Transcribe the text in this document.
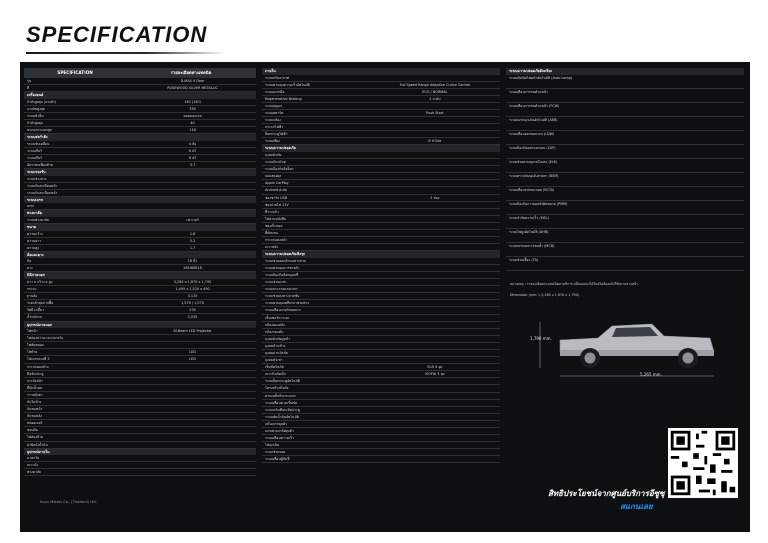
SPECIFICATION
SPECIFICATION	รายละเอียดทางเทคนิค
รุ่น	D-MAX 4 Door
สี	ROSEWOOD SILVER METALLIC
เครื่องยนต์
กำลังสูงสุด (แรงม้า)	140 (150)
แรงบิดสูงสุด	350
ระบบหัวฉีด	คอมมอนเรล
กำลังสูงสุด	40
ขนาดกระบอกสูบ	118
ระบบส่งกำลัง
ระบบขับเคลื่อน	4 ล้อ
ระบบเกียร์	6 AT
ระบบเกียร์	6 AT
อัตราทดเฟืองท้าย	3.7
ระบบรองรับ
ระบบช่วงล่าง
ระบบกันสะเทือนหน้า
ระบบกันสะเทือนหลัง
ระบบเบรก
เบรก
พวงมาลัย
ระบบพวงมาลัย	เพาเวอร์
ขนาด
ความกว้าง	1.8
ความยาว	5.2
ความสูง	1.7
ล้อและยาง
ล้อ	18 นิ้ว
ยาง	265/60R18
มิติภายนอก
ยาว x กว้าง x สูง	5,265 x 1,870 x 1,790
กระบะ	1,495 x 1,530 x 490
ฐานล้อ	3,125
ระยะต่ำสุดจากพื้น	1,570 / 1,570
รัศมีวงเลี้ยว	235
น้ำหนักรถ	2,035
อุปกรณ์ภายนอก
ไฟหน้า	Bi-Beam LED Projector
ไฟส่องสว่างเวลากลางวัน
ไฟตัดหมอก
ไฟท้าย	LED
ไฟเบรกดวงที่ 3	LED
กระจกมองข้าง
มือจับประตู
กระจังหน้า
ที่ปัดน้ำฝน
ราวหลังคา
บันไดข้าง
กันชนหน้า
กันชนหลัง
สปอยเลอร์
ขอบล้อ
ไฟส่องป้าย
ฝาปิดถังน้ำมัน
อุปกรณ์ภายใน
มาตรวัด
เบาะนั่ง
พวงมาลัย
ภายใน
ระบบปรับอากาศ
ระบบควบคุมความเร็วอัตโนมัติ	Full Speed Range Adaptive Cruise Control
ระบบเบรกมือ	ECO / NORMAL
Regenerative Braking	2 ระดับ
ระบบกุญแจ
ระบบสตาร์ท	Push Start
ระบบกล้อง
กระจกไฟฟ้า
ล็อกประตูไฟฟ้า
ระบบเสียง	8 ลำโพง
ระบบความปลอดภัย
ถุงลมนิรภัย
ระบบกันขโมย
ระบบป้องกันล้อล็อก
จอแสดงผล
Apple CarPlay
Android Auto
ช่องชาร์จ USB	2 ช่อง
ช่องจ่ายไฟ 12V
ที่วางแก้ว
ไฟอ่านหนังสือ
ช่องเก็บของ
ที่พักแขน
กระจกแต่งหน้า
เบาะหลัง
ระบบความปลอดภัยเชิงรุก
ระบบช่วยออกตัวบนทางลาด
ระบบควบคุมการทรงตัว
ระบบป้องกันล้อหมุนฟรี
ระบบช่วยเบรก
ระบบกระจายแรงเบรก
ระบบช่วยลงทางลาดชัน
ระบบควบคุมเสถียรภาพรถพ่วง
ระบบเตือนแรงดันลมยาง
เซ็นเซอร์กะระยะ
กล้องมองหลัง
กล้องรอบคัน
ถุงลมนิรภัยคู่หน้า
ถุงลมด้านข้าง
ถุงลมม่านนิรภัย
ถุงลมหัวเข่า
เข็มขัดนิรภัย	ELR 3 จุด
เบาะนิรภัยเด็ก	ISOFIX 3 จุด
ระบบล็อกประตูอัตโนมัติ
โครงสร้างนิรภัย
คานเหล็กกันกระแทก
ระบบเตือนคาดเข็มขัด
ระบบแจ้งเตือนเปิดประตู
ระบบตัดน้ำมันอัตโนมัติ
แป้นเบรกยุบตัว
แกนพวงมาลัยยุบตัว
ระบบเตือนความเร็ว
ไฟฉุกเฉิน
ระบบช่วยจอด
ระบบเตือนผู้ขับขี่
ระบบความปลอดภัยอัจฉริยะ
ระบบเปิดปิดไฟหน้าอัตโนมัติ (Auto Lamp)
ระบบเตือนการชนด้านหน้า
ระบบเตือนการชนด้านหน้า (FCW)
ระบบเบรกฉุกเฉินอัตโนมัติ (AEB)
ระบบเตือนออกนอกเลน (LDW)
ระบบป้องกันออกนอกเลน (LDP)
ระบบช่วยควบคุมรถในเลน (ELK)
ระบบตรวจจับจุดอับสายตา (BSM)
ระบบเตือนรถขณะถอย (RCTA)
ระบบป้องกันการออกตัวผิดพลาด (PMM)
ระบบจำกัดความเร็ว (MSL)
ระบบไฟสูงอัตโนมัติ (AHB)
ระบบเบรกลดการชนซ้ำ (MCB)
ระบบช่วยเลี้ยว (TA)
หมายเหตุ : รายละเอียดทางเทคนิคอาจมีการเปลี่ยนแปลงได้โดยไม่ต้องแจ้งให้ทราบล่วงหน้า
Dimension (mm: L,5,265 x 1,870 x 1,790)
1,790 mm.
5,265 mm.
สิทธิประโยชน์จากศูนย์บริการอีซูซุ
สแกนเลย
Isuzu Motors Co., (Thailand) Ltd.
